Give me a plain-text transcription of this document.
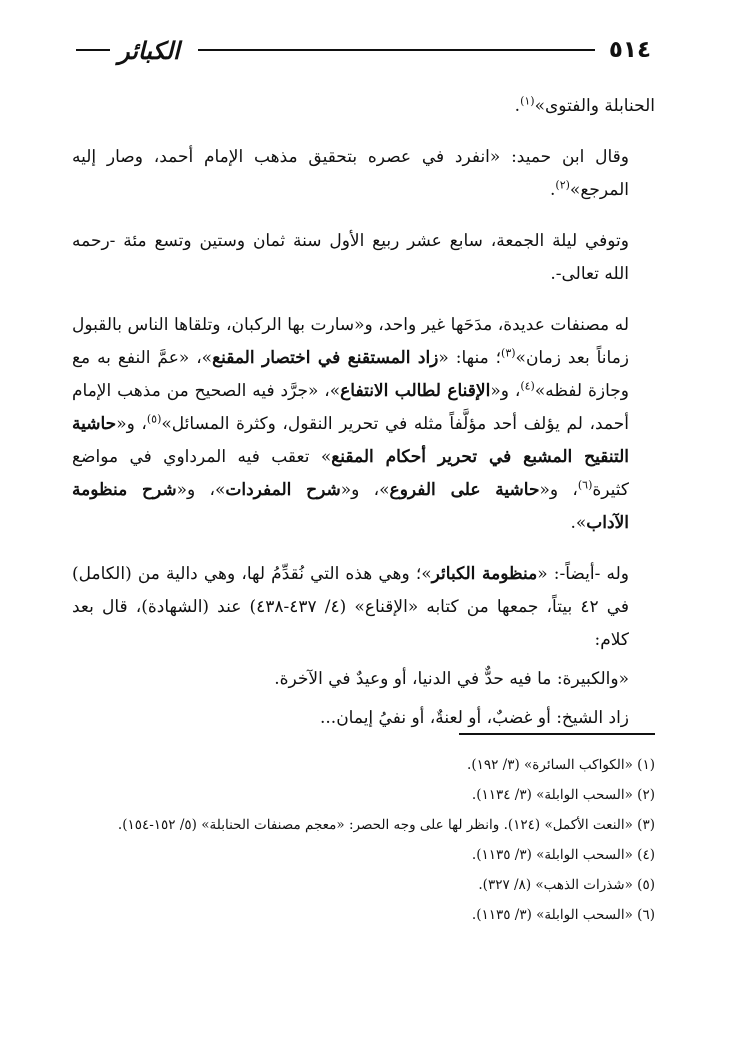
٥١٤
الكبائر

الحنابلة والفتوى»$^{(١)}$.

وقال ابن حميد: «انفرد في عصره بتحقيق مذهب الإمام أحمد، وصار إليه المرجع»$^{(٢)}$.

وتوفي ليلة الجمعة، سابع عشر ربيع الأول سنة ثمان وستين وتسع مئة -رحمه الله تعالى-.

له مصنفات عديدة، مدَحَها غير واحد، و«سارت بها الركبان، وتلقاها الناس بالقبول زماناً بعد زمان»$^{(٣)}$؛ منها: «زاد المستقنع في اختصار المقنع»، «عمَّ النفع به مع وجازة لفظه»$^{(٤)}$، و«الإقناع لطالب الانتفاع»، «جرَّد فيه الصحيح من مذهب الإمام أحمد، لم يؤلف أحد مؤلَّفاً مثله في تحرير النقول، وكثرة المسائل»$^{(٥)}$، و«حاشية التنقيح المشبع في تحرير أحكام المقنع» تعقب فيه المرداوي في مواضع كثيرة$^{(٦)}$، و«حاشية على الفروع»، و«شرح المفردات»، و«شرح منظومة الآداب».

وله -أيضاً-: «منظومة الكبائر»؛ وهي هذه التي نُقدِّمُ لها، وهي دالية من (الكامل) في ٤٢ بيتاً، جمعها من كتابه «الإقناع» (٤/ ٤٣٧-٤٣٨) عند (الشهادة)، قال بعد كلام:

«والكبيرة: ما فيه حدٌّ في الدنيا، أو وعيدٌ في الآخرة.

زاد الشيخ: أو غضبٌ، أو لعنةٌ، أو نفيُ إيمان...

(١) «الكواكب السائرة» (٣/ ١٩٢).
(٢) «السحب الوابلة» (٣/ ١١٣٤).
(٣) «النعت الأكمل» (١٢٤). وانظر لها على وجه الحصر: «معجم مصنفات الحنابلة» (٥/ ١٥٢-١٥٤).
(٤) «السحب الوابلة» (٣/ ١١٣٥).
(٥) «شذرات الذهب» (٨/ ٣٢٧).
(٦) «السحب الوابلة» (٣/ ١١٣٥).
